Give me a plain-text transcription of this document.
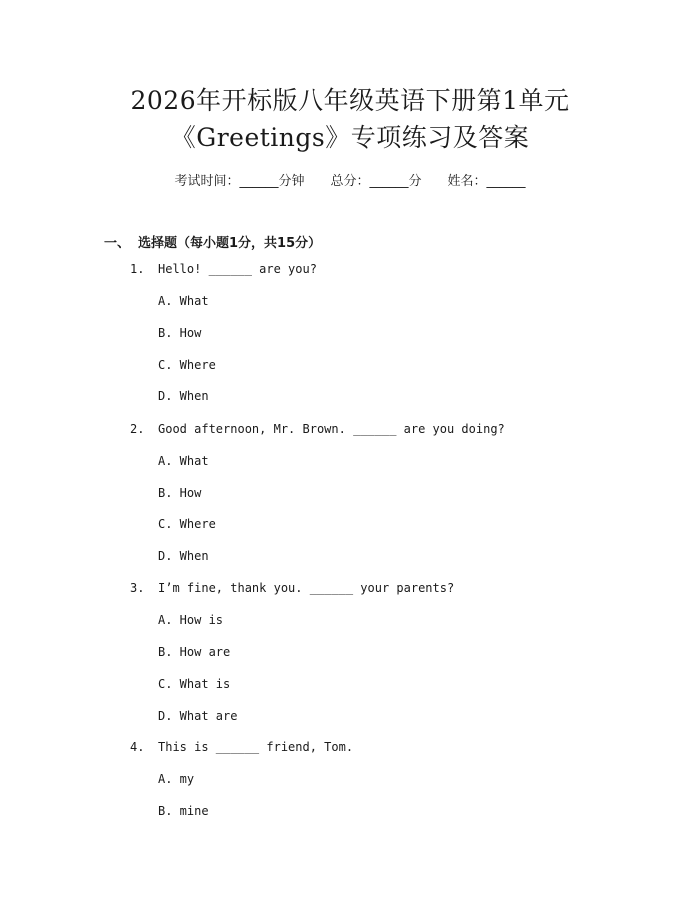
2026年开标版八年级英语下册第1单元
《Greetings》专项练习及答案
考试时间：______分钟 总分：______分 姓名：______
一、 选择题（每小题1分，共15分）
1. Hello! ______ are you?
A. What
B. How
C. Where
D. When
2. Good afternoon, Mr. Brown. ______ are you doing?
A. What
B. How
C. Where
D. When
3. I’m fine, thank you. ______ your parents?
A. How is
B. How are
C. What is
D. What are
4. This is ______ friend, Tom.
A. my
B. mine
